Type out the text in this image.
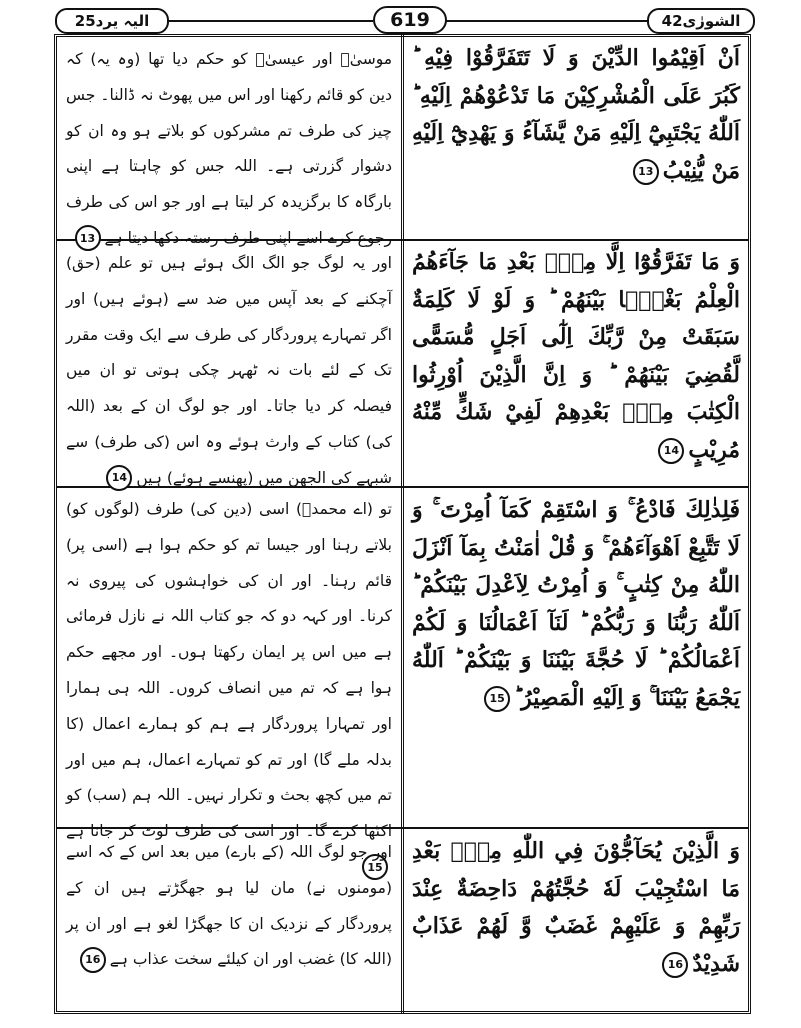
الیہ یرد25	619	الشورٰی42

اَنْ اَقِيْمُوا الدِّيْنَ وَ لَا تَتَفَرَّقُوْا فِيْهِ ؕ كَبُرَ عَلَى الْمُشْرِكِيْنَ مَا تَدْعُوْهُمْ اِلَيْهِ ؕ اَللّٰهُ يَجْتَبِيْٓ اِلَيْهِ مَنْ يَّشَآءُ وَ يَهْدِيْٓ اِلَيْهِ مَنْ يُّنِيْبُ13

موسیٰؑ اور عیسیٰؑ کو حکم دیا تھا (وہ یہ) کہ دین کو قائم رکھنا اور اس میں پھوٹ نہ ڈالنا۔ جس چیز کی طرف تم مشرکوں کو بلاتے ہو وہ ان کو دشوار گزرتی ہے۔ اللہ جس کو چاہتا ہے اپنی بارگاہ کا برگزیدہ کر لیتا ہے اور جو اس کی طرف رجوع کرے اسے اپنی طرف رستہ دکھا دیتا ہے13

وَ مَا تَفَرَّقُوْٓا اِلَّا مِنْۢ بَعْدِ مَا جَآءَهُمُ الْعِلْمُ بَغْيًۢا بَيْنَهُمْ ؕ وَ لَوْ لَا كَلِمَةٌ سَبَقَتْ مِنْ رَّبِّكَ اِلٰٓى اَجَلٍ مُّسَمًّى لَّقُضِيَ بَيْنَهُمْ ؕ وَ اِنَّ الَّذِيْنَ اُوْرِثُوا الْكِتٰبَ مِنْۢ بَعْدِهِمْ لَفِيْ شَكٍّ مِّنْهُ مُرِيْبٍ14

اور یہ لوگ جو الگ الگ ہوئے ہیں تو علم (حق) آچکنے کے بعد آپس میں ضد سے (ہوئے ہیں) اور اگر تمہارے پروردگار کی طرف سے ایک وقت مقرر تک کے لئے بات نہ ٹھہر چکی ہوتی تو ان میں فیصلہ کر دیا جاتا۔ اور جو لوگ ان کے بعد (اللہ کی) کتاب کے وارث ہوئے وہ اس (کی طرف) سے شبہے کی الجھن میں (پھنسے ہوئے) ہیں14

فَلِذٰلِكَ فَادْعُ ۚ وَ اسْتَقِمْ كَمَآ اُمِرْتَ ۚ وَ لَا تَتَّبِعْ اَهْوَآءَهُمْ ۚ وَ قُلْ اٰمَنْتُ بِمَآ اَنْزَلَ اللّٰهُ مِنْ كِتٰبٍ ۚ وَ اُمِرْتُ لِاَعْدِلَ بَيْنَكُمْ ؕ اَللّٰهُ رَبُّنَا وَ رَبُّكُمْ ؕ لَنَآ اَعْمَالُنَا وَ لَكُمْ اَعْمَالُكُمْ ؕ لَا حُجَّةَ بَيْنَنَا وَ بَيْنَكُمْ ؕ اَللّٰهُ يَجْمَعُ بَيْنَنَا ۚ وَ اِلَيْهِ الْمَصِيْرُ ؕ15

تو (اے محمدؐ) اسی (دین کی) طرف (لوگوں کو) بلاتے رہنا اور جیسا تم کو حکم ہوا ہے (اسی پر) قائم رہنا۔ اور ان کی خواہشوں کی پیروی نہ کرنا۔ اور کہہ دو کہ جو کتاب اللہ نے نازل فرمائی ہے میں اس پر ایمان رکھتا ہوں۔ اور مجھے حکم ہوا ہے کہ تم میں انصاف کروں۔ اللہ ہی ہمارا اور تمہارا پروردگار ہے ہم کو ہمارے اعمال (کا بدلہ ملے گا) اور تم کو تمہارے اعمال، ہم میں اور تم میں کچھ بحث و تکرار نہیں۔ اللہ ہم (سب) کو اکٹھا کرے گا۔ اور اسی کی طرف لوٹ کر جانا ہے15

وَ الَّذِيْنَ يُحَآجُّوْنَ فِي اللّٰهِ مِنْۢ بَعْدِ مَا اسْتُجِيْبَ لَهٗ حُجَّتُهُمْ دَاحِضَةٌ عِنْدَ رَبِّهِمْ وَ عَلَيْهِمْ غَضَبٌ وَّ لَهُمْ عَذَابٌ شَدِيْدٌ16

اور جو لوگ اللہ (کے بارے) میں بعد اس کے کہ اسے (مومنوں نے) مان لیا ہو جھگڑتے ہیں ان کے پروردگار کے نزدیک ان کا جھگڑا لغو ہے اور ان پر (اللہ کا) غضب اور ان کیلئے سخت عذاب ہے16
